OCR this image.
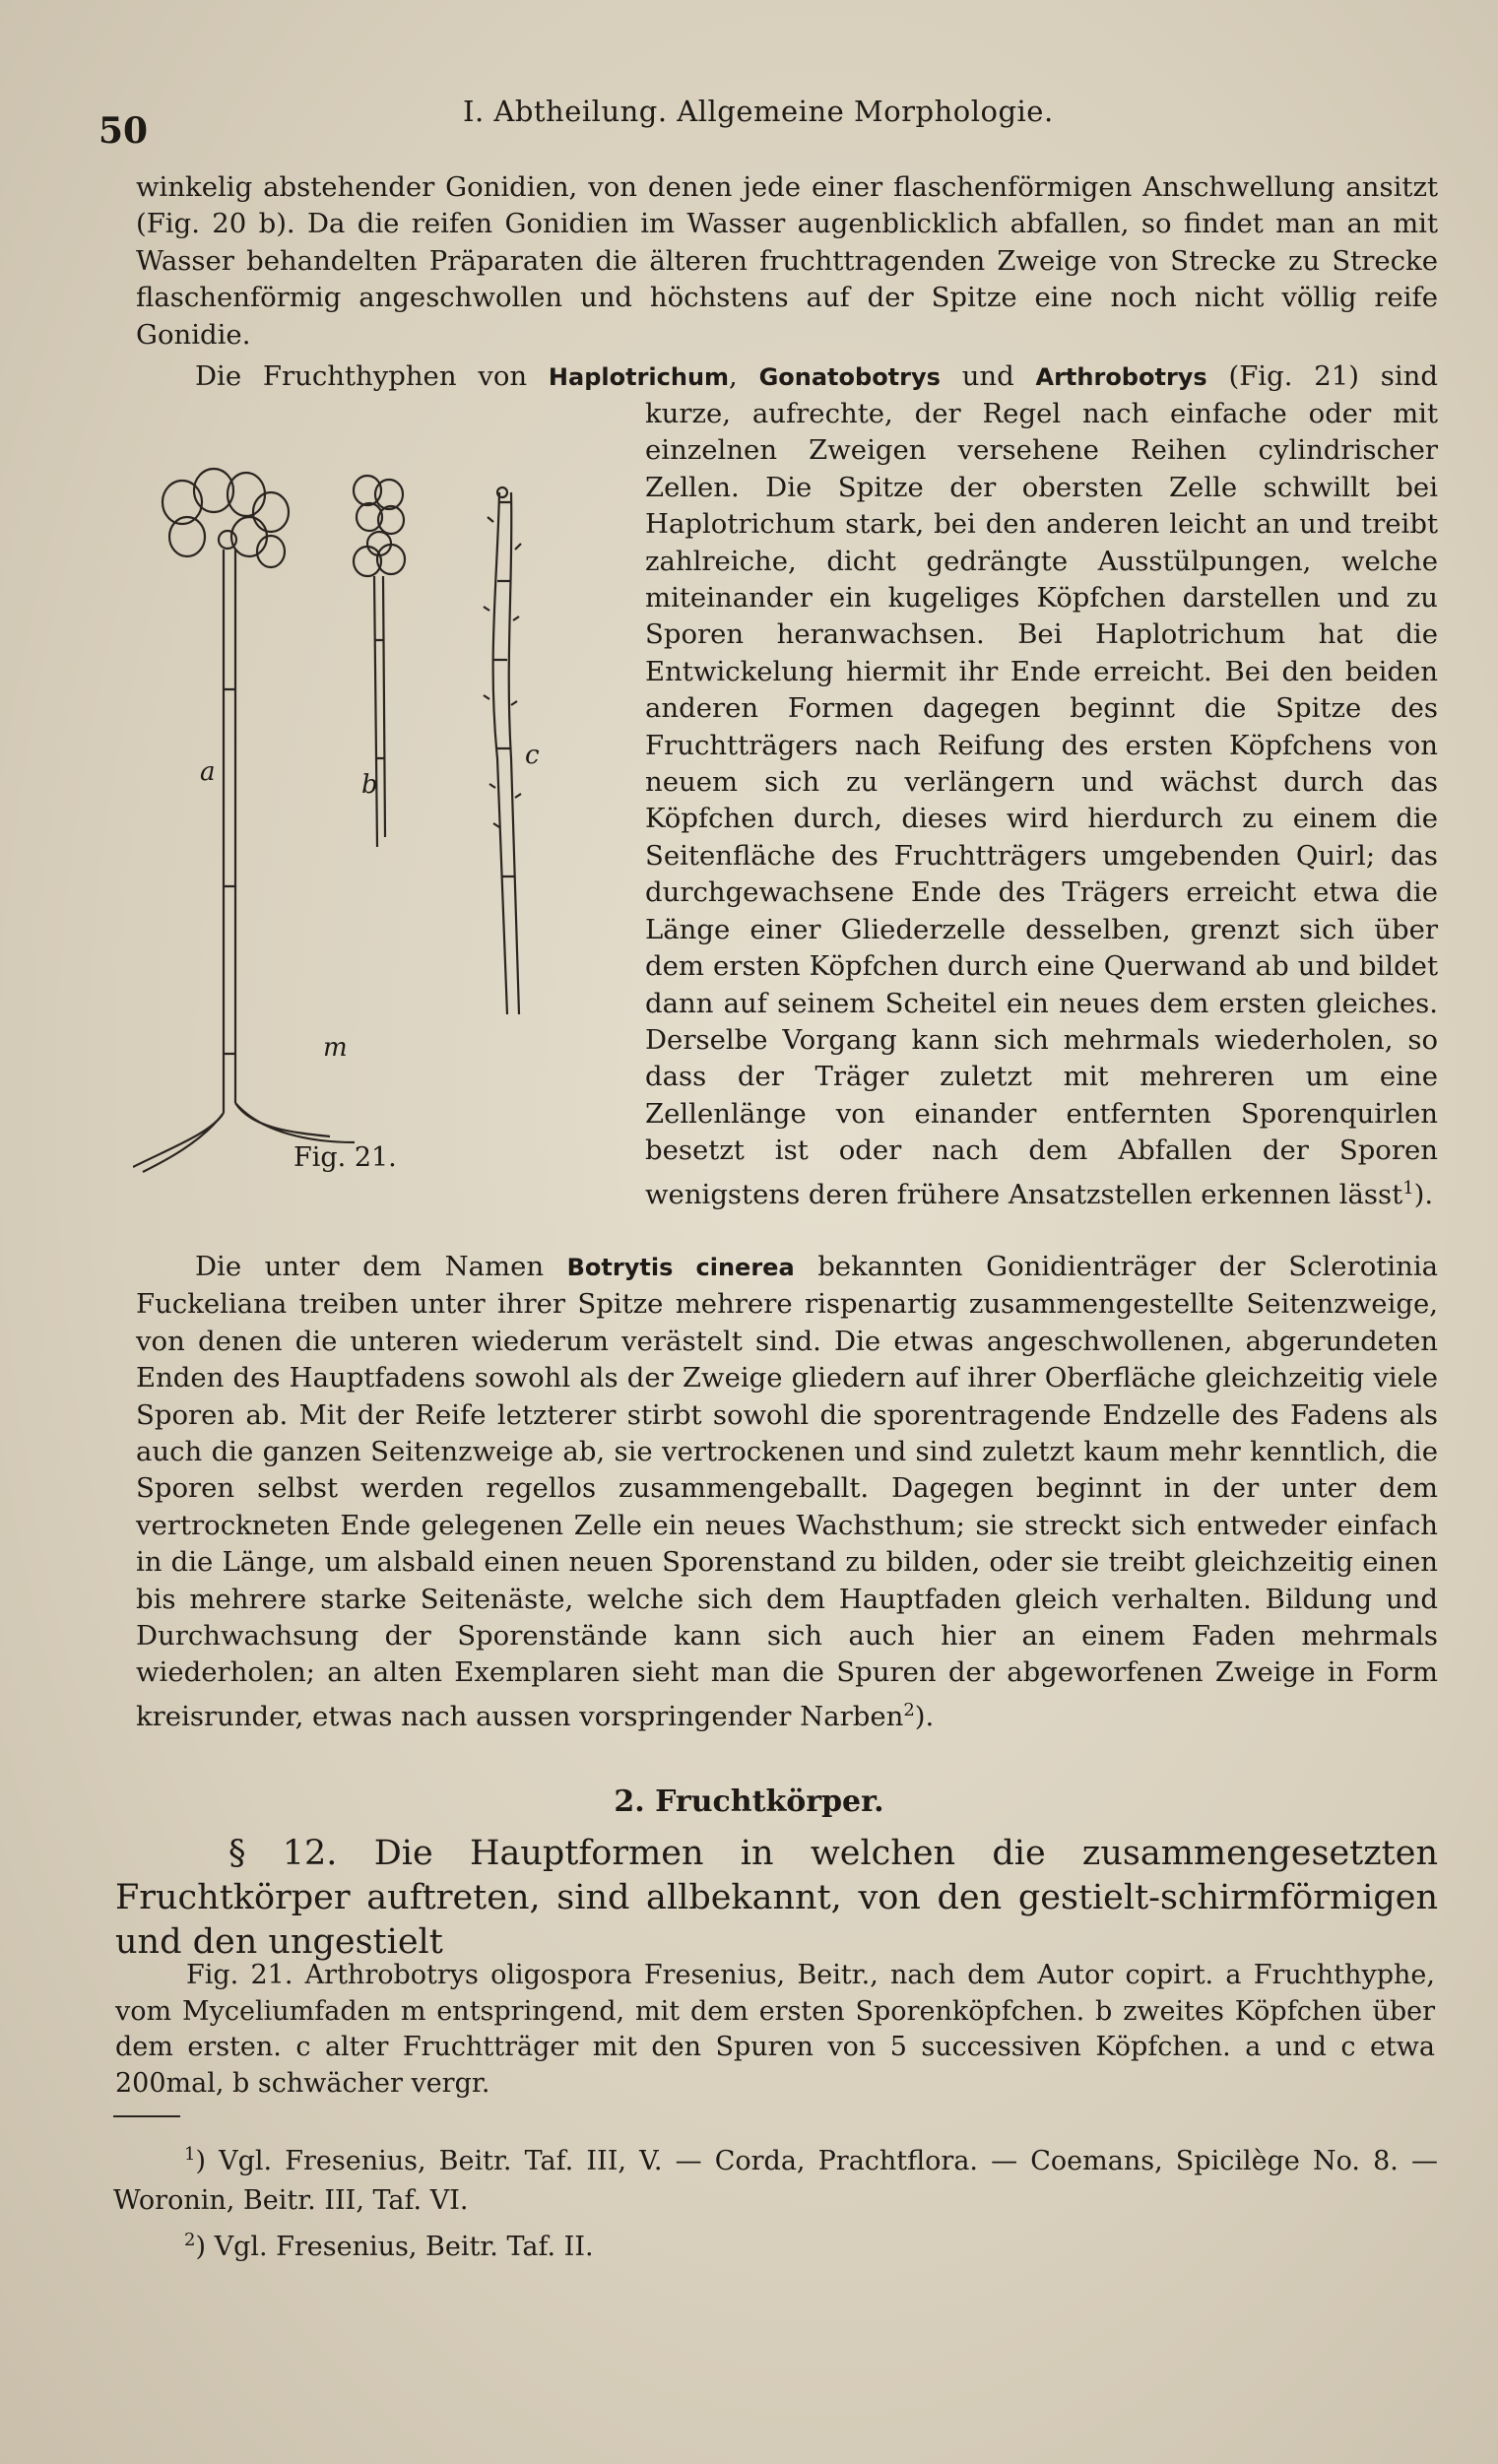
50	I. Abtheilung. Allgemeine Morphologie.

winkelig abstehender Gonidien, von denen jede einer flaschenförmigen Anschwellung ansitzt (Fig. 20 b). Da die reifen Gonidien im Wasser augenblicklich abfallen, so findet man an mit Wasser behandelten Präparaten die älteren fruchttragenden Zweige von Strecke zu Strecke flaschenförmig angeschwollen und höchstens auf der Spitze eine noch nicht völlig reife Gonidie.

Die Fruchthyphen von Haplotrichum, Gonatobotrys und Arthrobotrys (Fig. 21) sind

kurze, aufrechte, der Regel nach einfache oder mit einzelnen Zweigen versehene Reihen cylindrischer Zellen. Die Spitze der obersten Zelle schwillt bei Haplotrichum stark, bei den anderen leicht an und treibt zahlreiche, dicht gedrängte Ausstülpungen, welche miteinander ein kugeliges Köpfchen darstellen und zu Sporen heranwachsen. Bei Haplotrichum hat die Entwickelung hiermit ihr Ende erreicht. Bei den beiden anderen Formen dagegen beginnt die Spitze des Fruchtträgers nach Reifung des ersten Köpfchens von neuem sich zu verlängern und wächst durch das Köpfchen durch, dieses wird hierdurch zu einem die Seitenfläche des Fruchtträgers umgebenden Quirl; das durchgewachsene Ende des Trägers erreicht etwa die Länge einer Gliederzelle desselben, grenzt sich über dem ersten Köpfchen durch eine Querwand ab und bildet dann auf seinem Scheitel ein neues dem ersten gleiches. Derselbe Vorgang kann sich mehrmals wiederholen, so dass der Träger zuletzt mit mehreren um eine Zellenlänge von einander entfernten Sporenquirlen besetzt ist oder nach dem Abfallen der Sporen wenigstens deren frühere Ansatzstellen erkennen lässt$^1$).

a	b
c
m
Fig. 21.

Die unter dem Namen Botrytis cinerea bekannten Gonidienträger der Sclerotinia Fuckeliana treiben unter ihrer Spitze mehrere rispenartig zusammengestellte Seitenzweige, von denen die unteren wiederum verästelt sind. Die etwas angeschwollenen, abgerundeten Enden des Hauptfadens sowohl als der Zweige gliedern auf ihrer Oberfläche gleichzeitig viele Sporen ab. Mit der Reife letzterer stirbt sowohl die sporentragende Endzelle des Fadens als auch die ganzen Seitenzweige ab, sie vertrockenen und sind zuletzt kaum mehr kenntlich, die Sporen selbst werden regellos zusammengeballt. Dagegen beginnt in der unter dem vertrockneten Ende gelegenen Zelle ein neues Wachsthum; sie streckt sich entweder einfach in die Länge, um alsbald einen neuen Sporenstand zu bilden, oder sie treibt gleichzeitig einen bis mehrere starke Seitenäste, welche sich dem Hauptfaden gleich verhalten. Bildung und Durchwachsung der Sporenstände kann sich auch hier an einem Faden mehrmals wiederholen; an alten Exemplaren sieht man die Spuren der abgeworfenen Zweige in Form kreisrunder, etwas nach aussen vorspringender Narben$^2$).

2. Fruchtkörper.

§ 12. Die Hauptformen in welchen die zusammengesetzten Fruchtkörper auftreten, sind allbekannt, von den gestielt-schirmförmigen und den ungestielt

Fig. 21. Arthrobotrys oligospora Fresenius, Beitr., nach dem Autor copirt. a Fruchthyphe, vom Myceliumfaden m entspringend, mit dem ersten Sporenköpfchen. b zweites Köpfchen über dem ersten. c alter Fruchtträger mit den Spuren von 5 successiven Köpfchen. a und c etwa 200mal, b schwächer vergr.

$^1$) Vgl. Fresenius, Beitr. Taf. III, V. — Corda, Prachtflora. — Coemans, Spicilège No. 8. — Woronin, Beitr. III, Taf. VI.

$^2$) Vgl. Fresenius, Beitr. Taf. II.
